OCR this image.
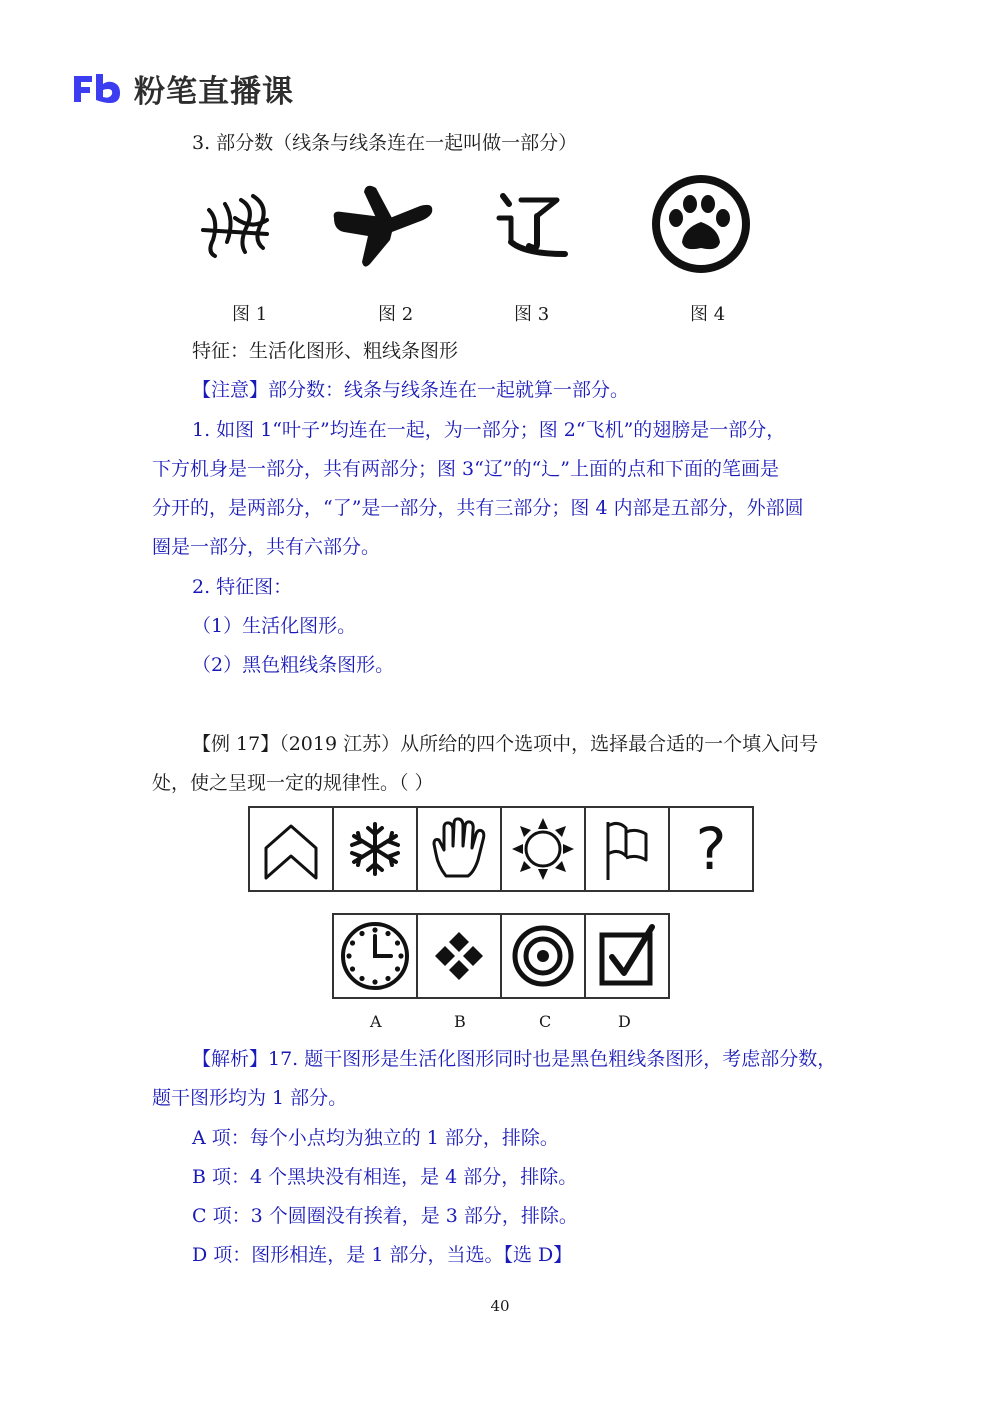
粉笔直播课
3. 部分数（线条与线条连在一起叫做一部分）
图 1	图 2	图 3	图 4
特征：生活化图形、粗线条图形
【注意】部分数：线条与线条连在一起就算一部分。
1. 如图 1“叶子”均连在一起，为一部分；图 2“飞机”的翅膀是一部分，
下方机身是一部分，共有两部分；图 3“辽”的“辶”上面的点和下面的笔画是
分开的，是两部分，“了”是一部分，共有三部分；图 4 内部是五部分，外部圆
圈是一部分，共有六部分。
2. 特征图：
（1）生活化图形。
（2）黑色粗线条图形。
【例 17】（2019 江苏）从所给的四个选项中，选择最合适的一个填入问号
处，使之呈现一定的规律性。（ ）
?
A	B	C	D
【解析】17. 题干图形是生活化图形同时也是黑色粗线条图形，考虑部分数，
题干图形均为 1 部分。
A 项：每个小点均为独立的 1 部分，排除。
B 项：4 个黑块没有相连，是 4 部分，排除。
C 项：3 个圆圈没有挨着，是 3 部分，排除。
D 项：图形相连，是 1 部分，当选。【选 D】
40
